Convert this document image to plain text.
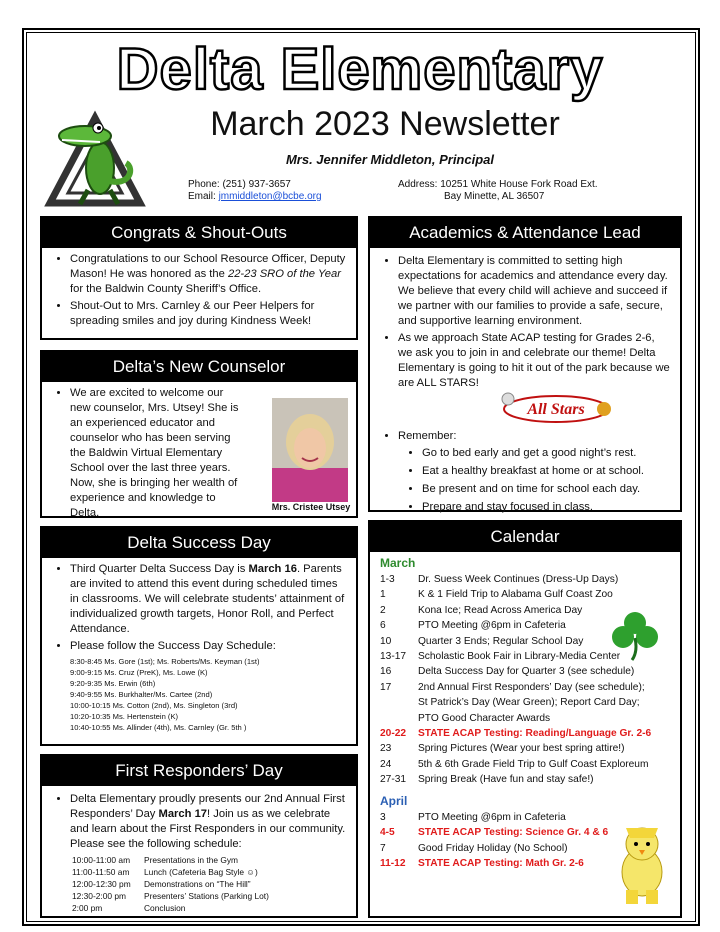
Delta Elementary
March 2023 Newsletter
Mrs. Jennifer Middleton, Principal
Phone: (251) 937-3657
Email: jmmiddleton@bcbe.org
Address: 10251 White House Fork Road Ext.
Bay Minette, AL 36507
Congrats & Shout-Outs
• Congratulations to our School Resource Officer, Deputy Mason! He was honored as the 22-23 SRO of the Year for the Baldwin County Sheriff’s Office.
• Shout-Out to Mrs. Carnley & our Peer Helpers for spreading smiles and joy during Kindness Week!
Delta’s New Counselor
• We are excited to welcome our new counselor, Mrs. Utsey! She is an experienced educator and counselor who has been serving the Baldwin Virtual Elementary School over the last three years. Now, she is bringing her wealth of experience and knowledge to Delta.	Mrs. Cristee Utsey
Delta Success Day
• Third Quarter Delta Success Day is March 16. Parents are invited to attend this event during scheduled times in classrooms. We will celebrate students’ attainment of individualized growth targets, Honor Roll, and Perfect Attendance.
• Please follow the Success Day Schedule:
8:30-8:45 Ms. Gore (1st); Ms. Roberts/Ms. Keyman (1st)
9:00-9:15 Ms. Cruz (PreK), Ms. Lowe (K)
9:20-9:35 Ms. Erwin (6th)
9:40-9:55 Ms. Burkhalter/Ms. Cartee (2nd)
10:00-10:15 Ms. Cotton (2nd), Ms. Singleton (3rd)
10:20-10:35 Ms. Hertenstein (K)
10:40-10:55 Ms. Allinder (4th), Ms. Carnley (Gr. 5th )
First Responders’ Day
• Delta Elementary proudly presents our 2nd Annual First Responders’ Day March 17! Join us as we celebrate and learn about the First Responders in our community. Please see the following schedule:
10:00-11:00 am Presentations in the Gym
11:00-11:50 am Lunch (Cafeteria Bag Style ☺)
12:00-12:30 pm Demonstrations on “The Hill”
12:30-2:00 pm Presenters’ Stations (Parking Lot)
2:00 pm	Conclusion
Academics & Attendance Lead
• Delta Elementary is committed to setting high expectations for academics and attendance every day. We believe that every child will achieve and succeed if we partner with our families to provide a safe, secure, and supportive learning environment.
• As we approach State ACAP testing for Grades 2-6, we ask you to join in and celebrate our theme! Delta Elementary is going to hit it out of the park because we are ALL STARS!
All Stars
• Remember:
• Go to bed early and get a good night’s rest.
• Eat a healthy breakfast at home or at school.
• Be present and on time for school each day.
• Prepare and stay focused in class.
•
Calendar
March
1-3	Dr. Suess Week Continues (Dress-Up Days)
1	K & 1 Field Trip to Alabama Gulf Coast Zoo
2	Kona Ice; Read Across America Day
6	PTO Meeting @6pm in Cafeteria
10	Quarter 3 Ends; Regular School Day
13-17	Scholastic Book Fair in Library-Media Center
16	Delta Success Day for Quarter 3 (see schedule)
17	2nd Annual First Responders’ Day (see schedule);
St Patrick’s Day (Wear Green); Report Card Day;
PTO Good Character Awards
20-22	STATE ACAP Testing: Reading/Language Gr. 2-6
23	Spring Pictures (Wear your best spring attire!)
24	5th & 6th Grade Field Trip to Gulf Coast Exploreum
27-31	Spring Break (Have fun and stay safe!)
April
3	PTO Meeting @6pm in Cafeteria
4-5	STATE ACAP Testing: Science Gr. 4 & 6
7	Good Friday Holiday (No School)
11-12	STATE ACAP Testing: Math Gr. 2-6
